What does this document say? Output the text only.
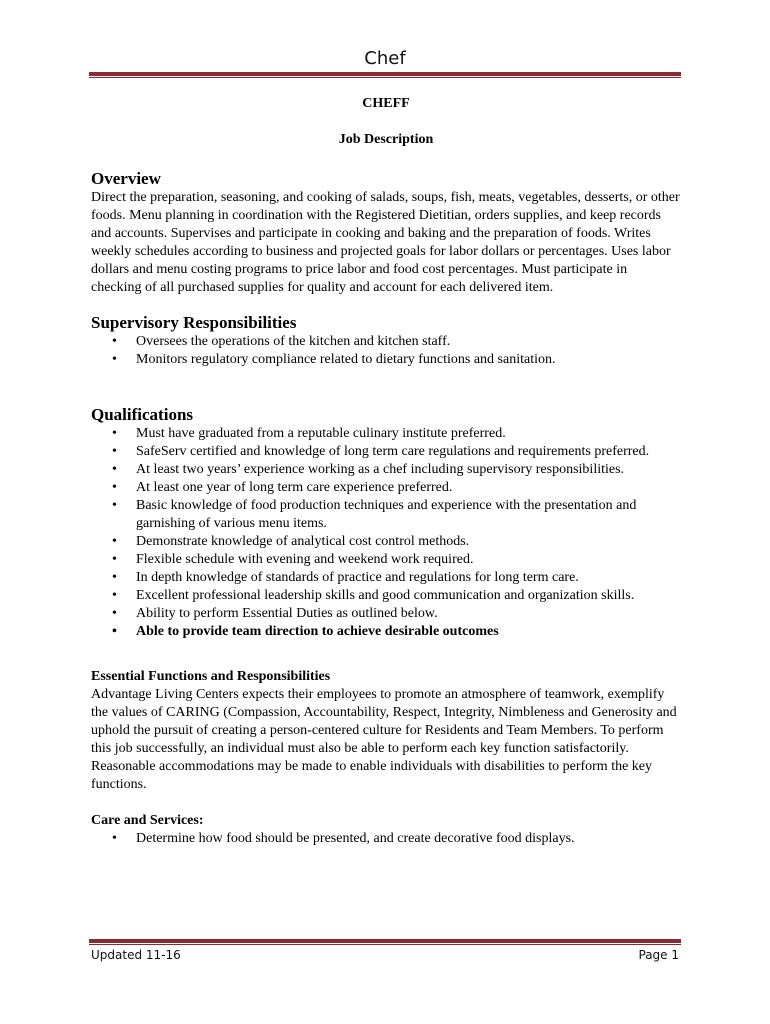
Chef
CHEFF
Job Description
Overview

Direct the preparation, seasoning, and cooking of salads, soups, fish, meats, vegetables, desserts, or other foods. Menu planning in coordination with the Registered Dietitian, orders supplies, and keep records and accounts. Supervises and participate in cooking and baking and the preparation of foods. Writes weekly schedules according to business and projected goals for labor dollars or percentages. Uses labor dollars and menu costing programs to price labor and food cost percentages. Must participate in checking of all purchased supplies for quality and account for each delivered item.

Supervisory Responsibilities
• Oversees the operations of the kitchen and kitchen staff.
• Monitors regulatory compliance related to dietary functions and sanitation.
Qualifications
• Must have graduated from a reputable culinary institute preferred.
• SafeServ certified and knowledge of long term care regulations and requirements preferred.
• At least two years’ experience working as a chef including supervisory responsibilities.
• At least one year of long term care experience preferred.
• Basic knowledge of food production techniques and experience with the presentation and garnishing of various menu items.
• Demonstrate knowledge of analytical cost control methods.
• Flexible schedule with evening and weekend work required.
• In depth knowledge of standards of practice and regulations for long term care.
• Excellent professional leadership skills and good communication and organization skills.
• Ability to perform Essential Duties as outlined below.
• Able to provide team direction to achieve desirable outcomes
Essential Functions and Responsibilities

Advantage Living Centers expects their employees to promote an atmosphere of teamwork, exemplify the values of CARING (Compassion, Accountability, Respect, Integrity, Nimbleness and Generosity and uphold the pursuit of creating a person-centered culture for Residents and Team Members. To perform this job successfully, an individual must also be able to perform each key function satisfactorily. Reasonable accommodations may be made to enable individuals with disabilities to perform the key functions.

Care and Services:
• Determine how food should be presented, and create decorative food displays.
Updated 11-16	Page 1
